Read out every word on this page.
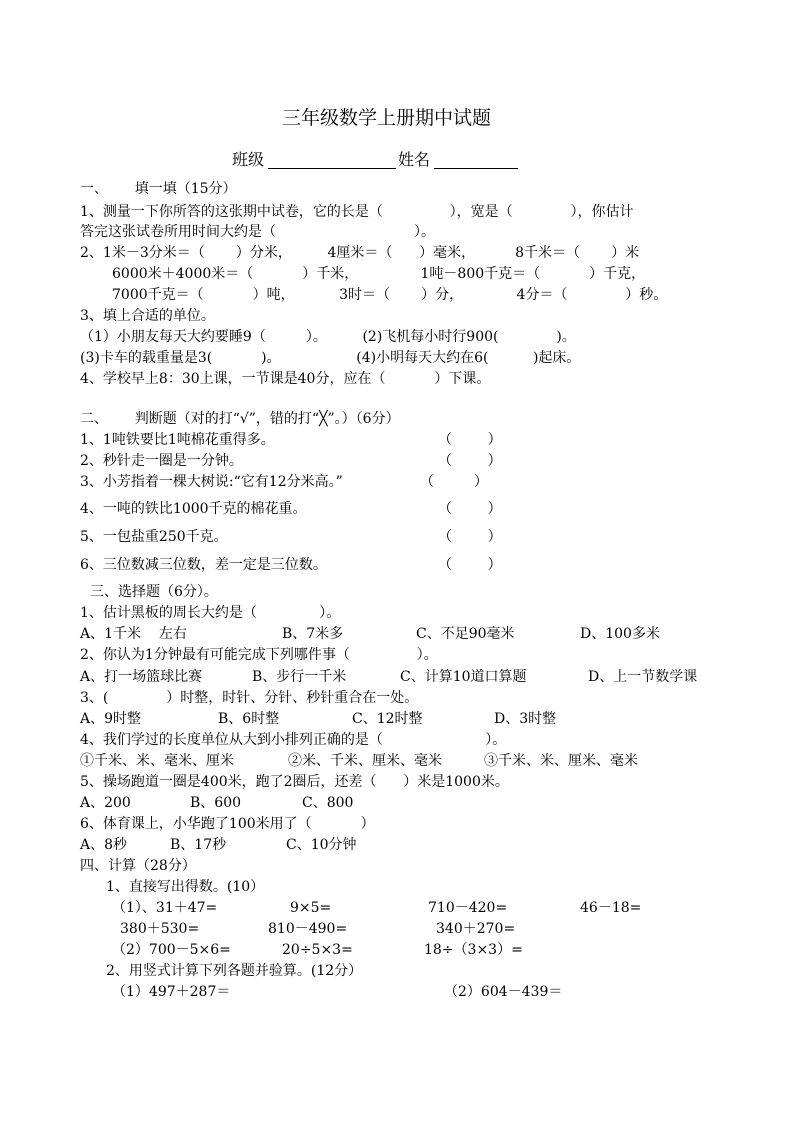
三年级数学上册期中试题
班级	姓名
一、      填一填（15分）
1、测量一下你所答的这张期中试卷，它的长是（               ），宽是（             ），你估计
答完这张试卷所用时间大约是（                               ）。
2、1米－3分米＝（       ）分米，        4厘米＝（      ）毫米，         8千米＝（       ）米
6000米＋4000米＝（           ）千米，              1吨－800千克＝（           ）千克，
7000千克＝（           ）吨，          3时＝（       ）分，            4分＝（             ）秒。
3、填上合适的单位。
（1）小朋友每天大约要睡9（         ）。        (2)飞机每小时行900(             )。
(3)卡车的载重量是3(           )。                 (4)小明每天大约在6(          )起床。
4、学校早上8：30上课，一节课是40分，应在（           ）下课。
二、      判断题（对的打“√”，错的打“╳”。）（6分）
1、1吨铁要比1吨棉花重得多。	（        ）
2、秒针走一圈是一分钟。	（        ）
3、小芳指着一棵大树说:“它有12分米高。”	（         ）
4、一吨的铁比1000千克的棉花重。	（        ）
5、一包盐重250千克。	（        ）
6、三位数减三位数，差一定是三位数。	（        ）
三、选择题（6分）。
1、估计黑板的周长大约是（              ）。
A、1千米    左右	B、7米多	C、不足90毫米	D、100多米
2、你认为1分钟最有可能完成下列哪件事（               ）。
A、打一场篮球比赛	B、步行一千米	C、计算10道口算题	D、上一节数学课
3、(             ）时整，时针、分针、秒针重合在一处。
A、9时整	B、6时整	C、12时整	D、3时整
4、我们学过的长度单位从大到小排列正确的是（                       ）。
①千米、米、毫米、厘米	②米、千米、厘米、毫米	③千米、米、厘米、毫米
5、操场跑道一圈是400米，跑了2圈后，还差（      ）米是1000米。
A、200	B、600	C、800
6、体育课上，小华跑了100米用了（           ）
A、8秒	B、17秒	C、10分钟
四、计算（28分）
1、直接写出得数。(10）
（1）、31＋47=	9×5=	710－420=	46－18=
380＋530=	810－490=	340＋270=
（2）700－5×6=	20÷5×3=	18÷（3×3）=
2、用竖式计算下列各题并验算。(12分）
（1）497＋287＝	（2）604－439＝
